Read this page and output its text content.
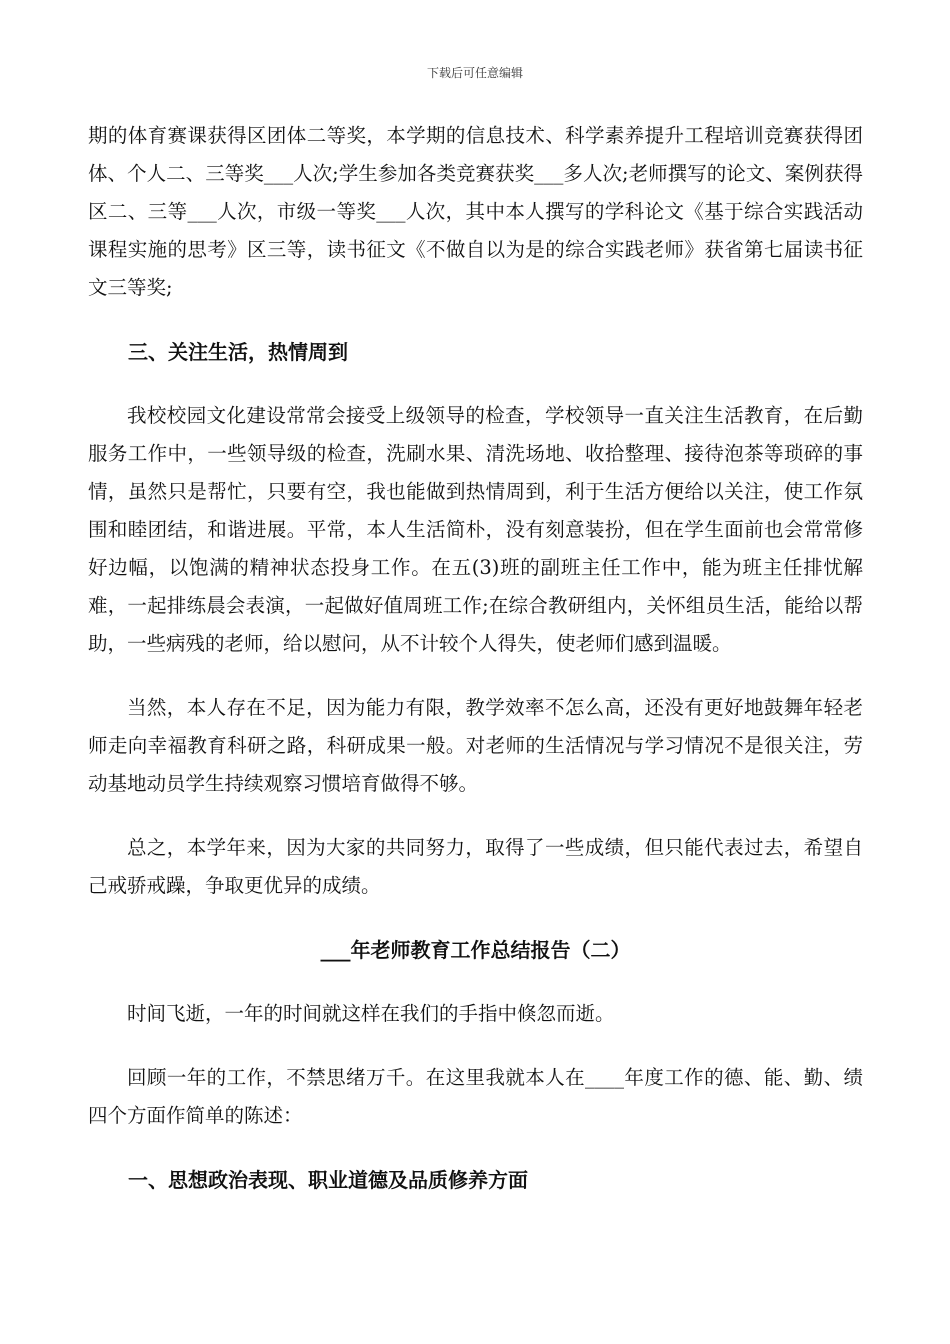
下载后可任意编辑

期的体育赛课获得区团体二等奖，本学期的信息技术、科学素养提升工程培训竞赛获得团体、个人二、三等奖___人次;学生参加各类竞赛获奖___多人次;老师撰写的论文、案例获得区二、三等___人次，市级一等奖___人次，其中本人撰写的学科论文《基于综合实践活动课程实施的思考》区三等，读书征文《不做自以为是的综合实践老师》获省第七届读书征文三等奖;

三、关注生活，热情周到

我校校园文化建设常常会接受上级领导的检查，学校领导一直关注生活教育，在后勤服务工作中，一些领导级的检查，洗刷水果、清洗场地、收拾整理、接待泡茶等琐碎的事情，虽然只是帮忙，只要有空，我也能做到热情周到，利于生活方便给以关注，使工作氛围和睦团结，和谐进展。平常，本人生活简朴，没有刻意装扮，但在学生面前也会常常修好边幅，以饱满的精神状态投身工作。在五(3)班的副班主任工作中，能为班主任排忧解难，一起排练晨会表演，一起做好值周班工作;在综合教研组内，关怀组员生活，能给以帮助，一些病残的老师，给以慰问，从不计较个人得失，使老师们感到温暖。

当然，本人存在不足，因为能力有限，教学效率不怎么高，还没有更好地鼓舞年轻老师走向幸福教育科研之路，科研成果一般。对老师的生活情况与学习情况不是很关注，劳动基地动员学生持续观察习惯培育做得不够。

总之，本学年来，因为大家的共同努力，取得了一些成绩，但只能代表过去，希望自己戒骄戒躁，争取更优异的成绩。

___年老师教育工作总结报告（二）

时间飞逝，一年的时间就这样在我们的手指中倏忽而逝。

回顾一年的工作，不禁思绪万千。在这里我就本人在____年度工作的德、能、勤、绩四个方面作简单的陈述：

一、思想政治表现、职业道德及品质修养方面
